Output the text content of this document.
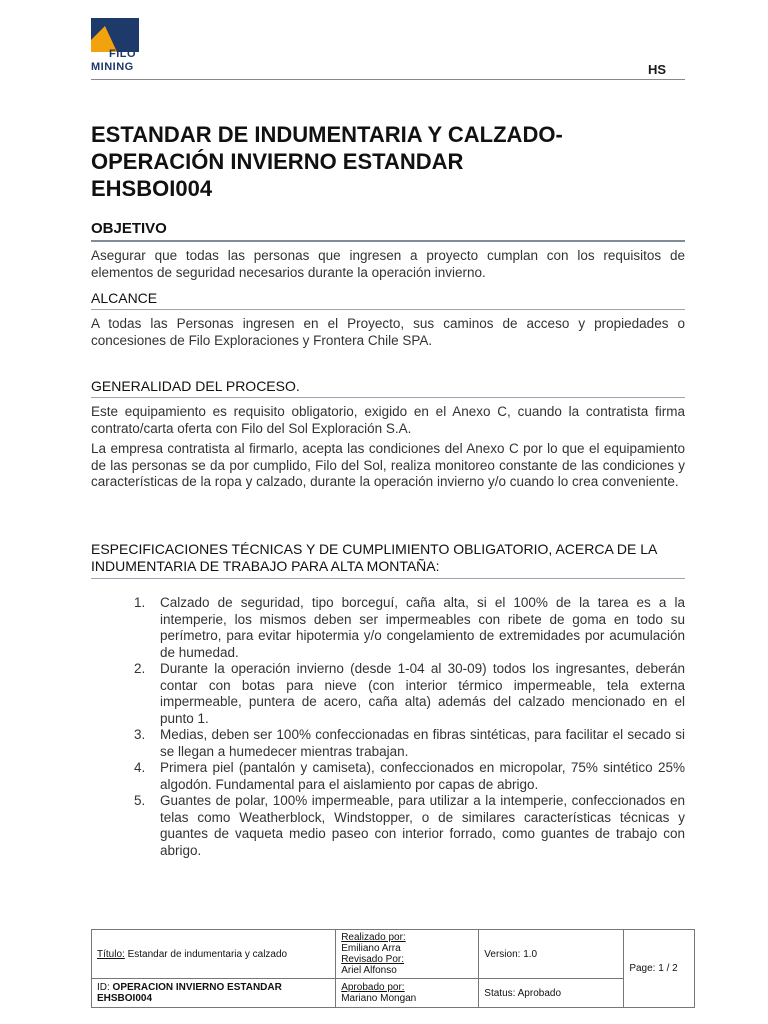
FILO
MINING	HS
ESTANDAR DE INDUMENTARIA Y CALZADO-
OPERACIÓN INVIERNO ESTANDAR
EHSBOI004
OBJETIVO
Asegurar que todas las personas que ingresen a proyecto cumplan con los requisitos de elementos de seguridad necesarios durante la operación invierno.
ALCANCE
A todas las Personas ingresen en el Proyecto, sus caminos de acceso y propiedades o concesiones de Filo Exploraciones y Frontera Chile SPA.
GENERALIDAD DEL PROCESO.
Este equipamiento es requisito obligatorio, exigido en el Anexo C, cuando la contratista firma contrato/carta oferta con Filo del Sol Exploración S.A.
La empresa contratista al firmarlo, acepta las condiciones del Anexo C por lo que el equipamiento de las personas se da por cumplido, Filo del Sol, realiza monitoreo constante de las condiciones y características de la ropa y calzado, durante la operación invierno y/o cuando lo crea conveniente.
ESPECIFICACIONES TÉCNICAS Y DE CUMPLIMIENTO OBLIGATORIO, ACERCA DE LA INDUMENTARIA DE TRABAJO PARA ALTA MONTAÑA:
1. Calzado de seguridad, tipo borceguí, caña alta, si el 100% de la tarea es a la intemperie, los mismos deben ser impermeables con ribete de goma en todo su perímetro, para evitar hipotermia y/o congelamiento de extremidades por acumulación de humedad.
2. Durante la operación invierno (desde 1-04 al 30-09) todos los ingresantes, deberán contar con botas para nieve (con interior térmico impermeable, tela externa impermeable, puntera de acero, caña alta) además del calzado mencionado en el punto 1.
3. Medias, deben ser 100% confeccionadas en fibras sintéticas, para facilitar el secado si se llegan a humedecer mientras trabajan.
4. Primera piel (pantalón y camiseta), confeccionados en micropolar, 75% sintético 25% algodón. Fundamental para el aislamiento por capas de abrigo.
5. Guantes de polar, 100% impermeable, para utilizar a la intemperie, confeccionados en telas como Weatherblock, Windstopper, o de similares características técnicas y guantes de vaqueta medio paseo con interior forrado, como guantes de trabajo con abrigo.
Título: Estandar de indumentaria y calzado	Realizado por:
Emiliano Arra
Revisado Por:
Ariel Alfonso	Version: 1.0	Page: 1 / 2
ID: OPERACION INVIERNO ESTANDAR EHSBOI004	Aprobado por:
Mariano Mongan	Status: Aprobado	
